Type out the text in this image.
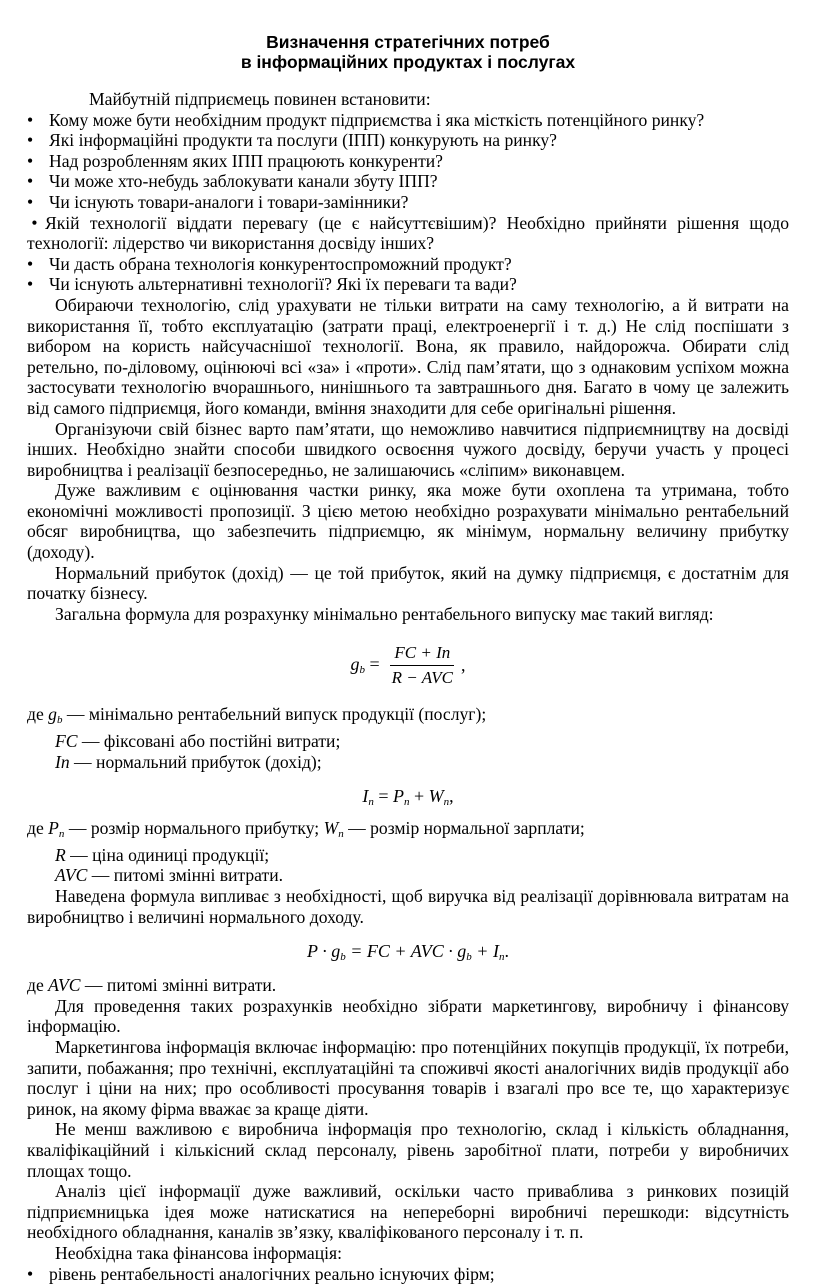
Визначення стратегічних потреб
в інформаційних продуктах і послугах

Майбутній підприємець повинен встановити:

• Кому може бути необхідним продукт підприємства і яка місткість потенційного ринку?

• Які інформаційні продукти та послуги (ІПП) конкурують на ринку?

• Над розробленням яких ІПП працюють конкуренти?

• Чи може хто-небудь заблокувати канали збуту ІПП?

• Чи існують товари-аналоги і товари-замінники?

• Якій технології віддати перевагу (це є найсуттєвішим)? Необхідно прийняти рішення щодо технології: лідерство чи використання досвіду інших?

• Чи дасть обрана технологія конкурентоспроможний продукт?

• Чи існують альтернативні технології? Які їх переваги та вади?

Обираючи технологію, слід урахувати не тільки витрати на саму технологію, а й витрати на використання її, тобто експлуатацію (затрати праці, електроенергії і т. д.) Не слід поспішати з вибором на користь найсучаснішої технології. Вона, як правило, найдорожча. Обирати слід ретельно, по-діловому, оцінюючі всі «за» і «проти». Слід пам’ятати, що з однаковим успіхом можна застосувати технологію вчорашнього, нинішнього та завтрашнього дня. Багато в чому це залежить від самого підприємця, його команди, вміння знаходити для себе оригінальні рішення.

Організуючи свій бізнес варто пам’ятати, що неможливо навчитися підприємництву на досвіді інших. Необхідно знайти способи швидкого освоєння чужого досвіду, беручи участь у процесі виробництва і реалізації безпосередньо, не залишаючись «сліпим» виконавцем.

Дуже важливим є оцінювання частки ринку, яка може бути охоплена та утримана, тобто економічні можливості пропозиції. З цією метою необхідно розрахувати мінімально рентабельний обсяг виробництва, що забезпечить підприємцю, як мінімум, нормальну величину прибутку (доходу).

Нормальний прибуток (дохід) — це той прибуток, який на думку підприємця, є достатнім для початку бізнесу.

Загальна формула для розрахунку мінімально рентабельного випуску має такий вигляд:

$g_b = \frac{FC + In}{\text{R − AVC}}$ ,

де $g_b$ — мінімально рентабельний випуск продукції (послуг);

FC — фіксовані або постійні витрати;

In — нормальний прибуток (дохід);

$I_n = P_n + W_n$,

де $P_n$ — розмір нормального прибутку; $W_n$ — розмір нормальної зарплати;

R — ціна одиниці продукції;

AVC — питомі змінні витрати.

Наведена формула випливає з необхідності, щоб виручка від реалізації дорівнювала витратам на виробництво і величині нормального доходу.

$P \cdot g_b$ = FC + AVC · $g_b + I_n$.

де AVC — питомі змінні витрати.

Для проведення таких розрахунків необхідно зібрати маркетингову, виробничу і фінансову інформацію.

Маркетингова інформація включає інформацію: про потенційних покупців продукції, їх потреби, запити, побажання; про технічні, експлуатаційні та споживчі якості аналогічних видів продукції або послуг і ціни на них; про особливості просування товарів і взагалі про все те, що характеризує ринок, на якому фірма вважає за краще діяти.

Не менш важливою є виробнича інформація про технологію, склад і кількість обладнання, кваліфікаційний і кількісний склад персоналу, рівень заробітної плати, потреби у виробничих площах тощо.

Аналіз цієї інформації дуже важливий, оскільки часто приваблива з ринкових позицій підприємницька ідея може натискатися на непереборні виробничі перешкоди: відсутність необхідного обладнання, каналів зв’язку, кваліфікованого персоналу і т. п.

Необхідна така фінансова інформація:

• рівень рентабельності аналогічних реально існуючих фірм;
